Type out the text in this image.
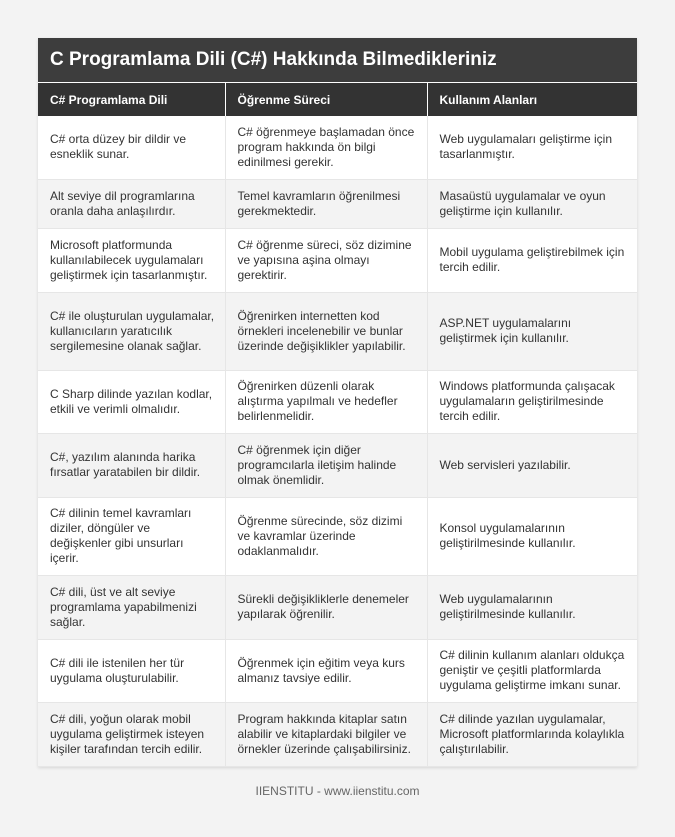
C Programlama Dili (C#) Hakkında Bilmedikleriniz
C# Programlama Dili	Öğrenme Süreci	Kullanım Alanları
C# orta düzey bir dildir ve esneklik sunar.	C# öğrenmeye başlamadan önce program hakkında ön bilgi edinilmesi gerekir.	Web uygulamaları geliştirme için tasarlanmıştır.
Alt seviye dil programlarına oranla daha anlaşılırdır.	Temel kavramların öğrenilmesi gerekmektedir.	Masaüstü uygulamalar ve oyun geliştirme için kullanılır.
Microsoft platformunda kullanılabilecek uygulamaları geliştirmek için tasarlanmıştır.	C# öğrenme süreci, söz dizimine ve yapısına aşina olmayı gerektirir.	Mobil uygulama geliştirebilmek için tercih edilir.
C# ile oluşturulan uygulamalar, kullanıcıların yaratıcılık sergilemesine olanak sağlar.	Öğrenirken internetten kod örnekleri incelenebilir ve bunlar üzerinde değişiklikler yapılabilir.	ASP.NET uygulamalarını geliştirmek için kullanılır.
C Sharp dilinde yazılan kodlar, etkili ve verimli olmalıdır.	Öğrenirken düzenli olarak alıştırma yapılmalı ve hedefler belirlenmelidir.	Windows platformunda çalışacak uygulamaların geliştirilmesinde tercih edilir.
C#, yazılım alanında harika fırsatlar yaratabilen bir dildir.	C# öğrenmek için diğer programcılarla iletişim halinde olmak önemlidir.	Web servisleri yazılabilir.
C# dilinin temel kavramları diziler, döngüler ve değişkenler gibi unsurları içerir.	Öğrenme sürecinde, söz dizimi ve kavramlar üzerinde odaklanmalıdır.	Konsol uygulamalarının geliştirilmesinde kullanılır.
C# dili, üst ve alt seviye programlama yapabilmenizi sağlar.	Sürekli değişikliklerle denemeler yapılarak öğrenilir.	Web uygulamalarının geliştirilmesinde kullanılır.
C# dili ile istenilen her tür uygulama oluşturulabilir.	Öğrenmek için eğitim veya kurs almanız tavsiye edilir.	C# dilinin kullanım alanları oldukça geniştir ve çeşitli platformlarda uygulama geliştirme imkanı sunar.
C# dili, yoğun olarak mobil uygulama geliştirmek isteyen kişiler tarafından tercih edilir.	Program hakkında kitaplar satın alabilir ve kitaplardaki bilgiler ve örnekler üzerinde çalışabilirsiniz.	C# dilinde yazılan uygulamalar, Microsoft platformlarında kolaylıkla çalıştırılabilir.
IIENSTITU - www.iienstitu.com
